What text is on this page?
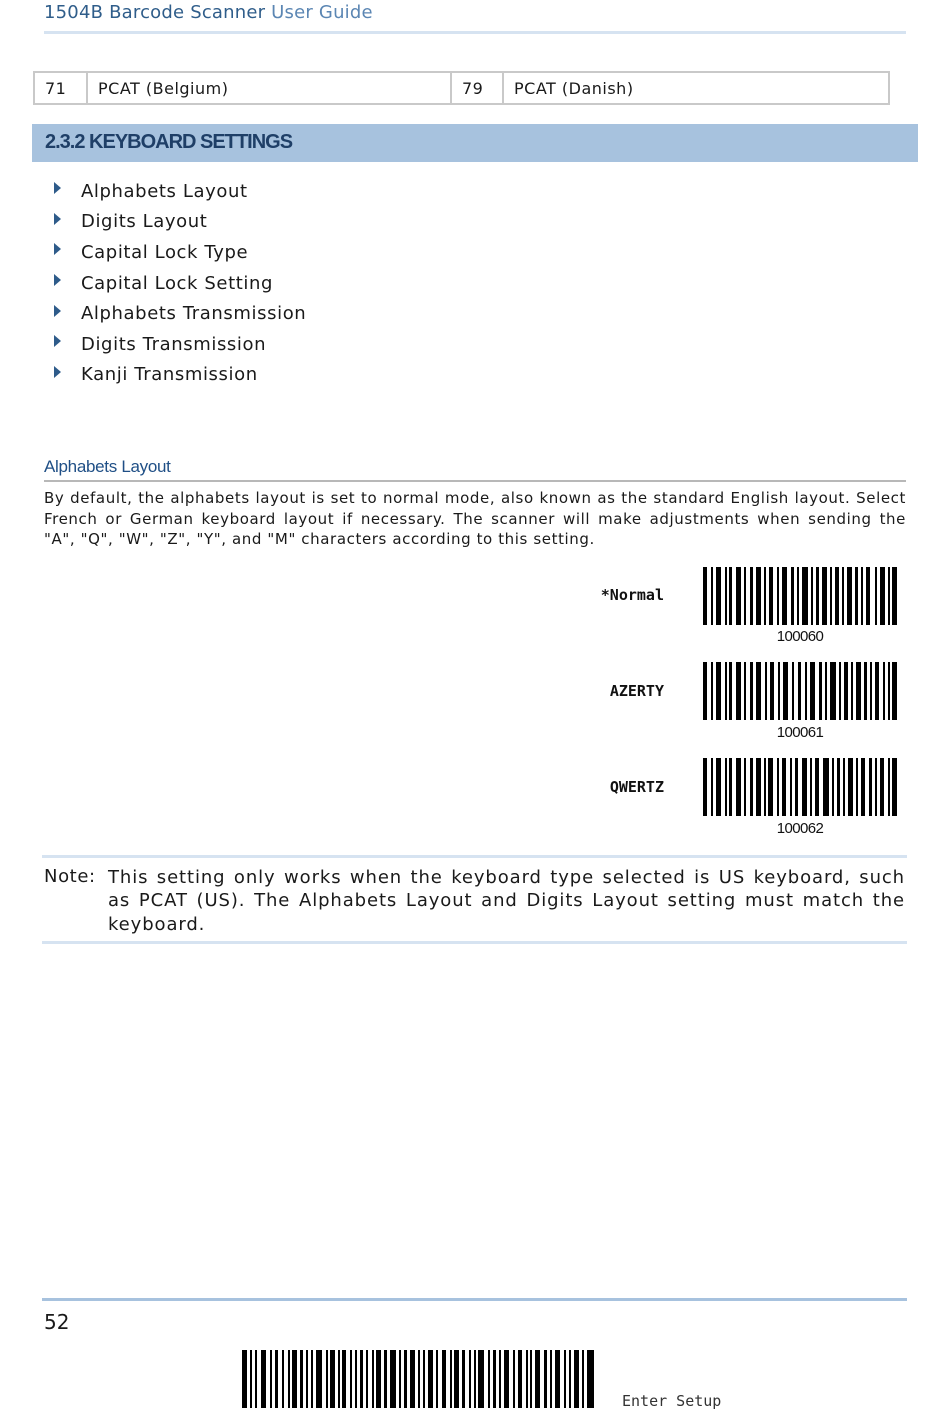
1504B Barcode Scanner User Guide
71	PCAT (Belgium)	79	PCAT (Danish)
2.3.2 KEYBOARD SETTINGS
Alphabets Layout
Digits Layout
Capital Lock Type
Capital Lock Setting
Alphabets Transmission
Digits Transmission
Kanji Transmission
Alphabets Layout
By default, the alphabets layout is set to normal mode, also known as the standard English layout. Select French or German keyboard layout if necessary. The scanner will make adjustments when sending the "A", "Q", "W", "Z", "Y", and "M" characters according to this setting.
*Normal
100060
AZERTY
100061
QWERTZ
100062
Note: This setting only works when the keyboard type selected is US keyboard, such as PCAT (US). The Alphabets Layout and Digits Layout setting must match the keyboard.
52
Enter Setup
